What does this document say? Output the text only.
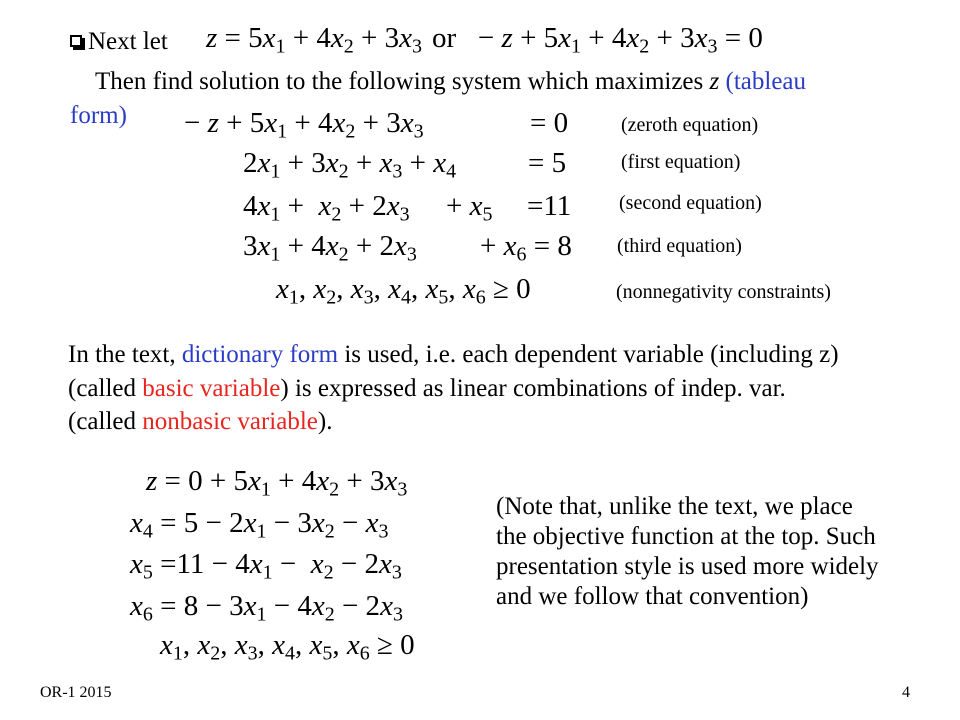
Next let $z = 5x_1 + 4x_2 + 3x_3$ or   − $z + 5x_1 + 4x_2 + 3x_3 = 0$
Then find solution to the following system which maximizes z (tableau
form) − $z + 5x_1 + 4x_2 + 3x_3$	= 0
$2x_1 + 3x_2 + x_3 + x_4 = 5$
$4x_1 + x_2 + 2x_3 + x_5 =11$
$3x_1 + 4x_2 + 2x_3 + x_6 = 8$
$x_1$, $x_2$, $x_3$, $x_4$, $x_5$, $x_6 \ge 0$
(zeroth equation)
(first equation)
(second equation)
(third equation)
(nonnegativity constraints)
In the text, dictionary form is used, i.e. each dependent variable (including z)
(called basic variable) is expressed as linear combinations of indep. var.
(called nonbasic variable).
$z = 0 + 5x_1 + 4x_2 + 3x_3$
$x_4 = 5 - 2x_1 - 3x_2 - x_3$
$x_5 =11 - 4x_1 - x_2 - 2x_3$
$x_6 = 8 - 3x_1 - 4x_2 - 2x_3$
$x_1$, $x_2$, $x_3$, $x_4$, $x_5$, $x_6 \ge 0$
(Note that, unlike the text, we place
the objective function at the top. Such
presentation style is used more widely
and we follow that convention)
OR-1 2015	4
